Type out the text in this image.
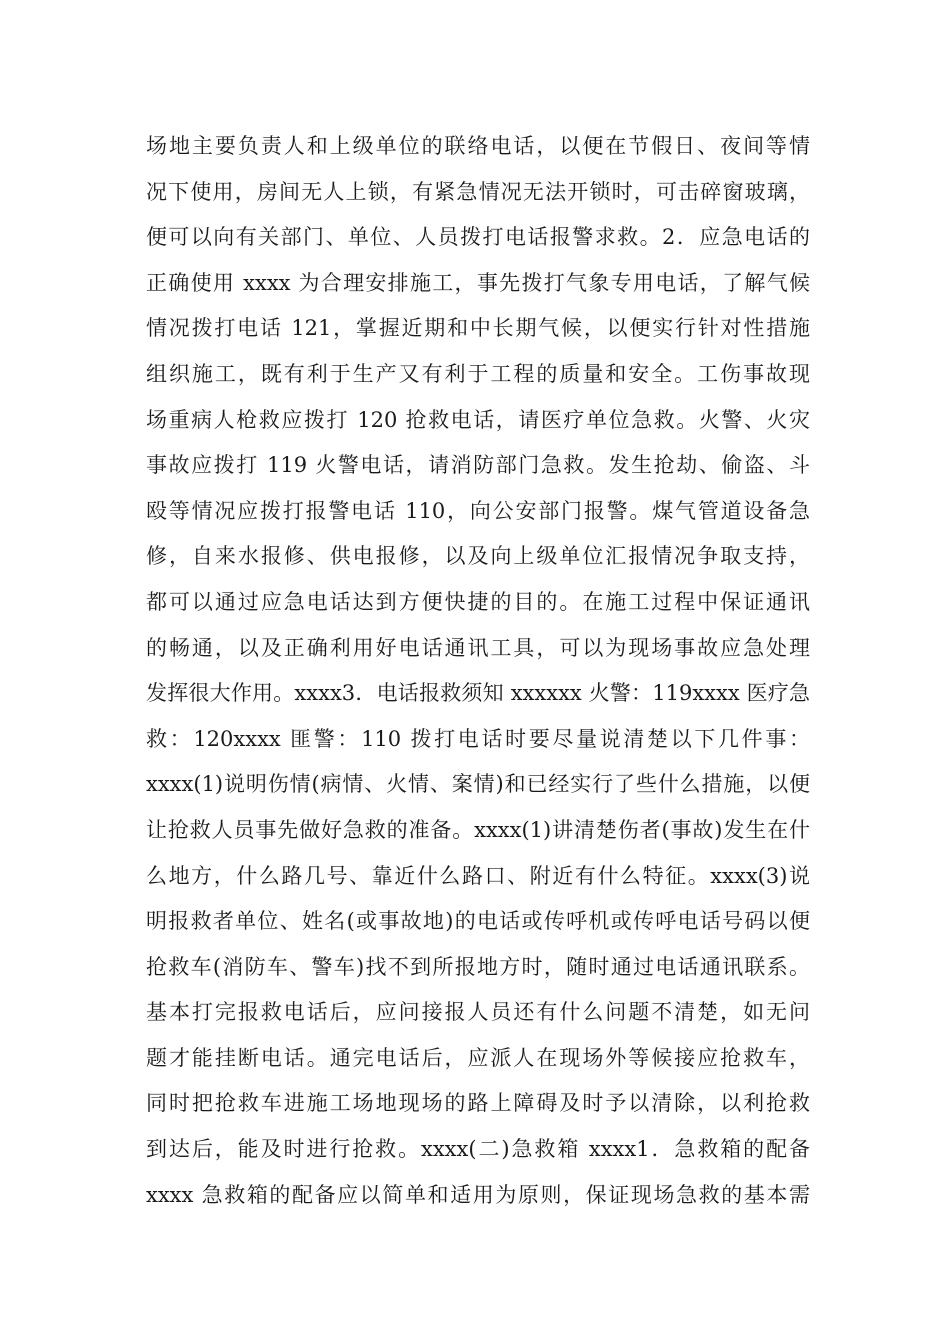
场地主要负责人和上级单位的联络电话，以便在节假日、夜间等情
况下使用，房间无人上锁，有紧急情况无法开锁时，可击碎窗玻璃，
便可以向有关部门、单位、人员拨打电话报警求救。2．应急电话的
正确使用 xxxx 为合理安排施工，事先拨打气象专用电话，了解气候
情况拨打电话 121，掌握近期和中长期气候，以便实行针对性措施
组织施工，既有利于生产又有利于工程的质量和安全。工伤事故现
场重病人枪救应拨打 120 抢救电话，请医疗单位急救。火警、火灾
事故应拨打 119 火警电话，请消防部门急救。发生抢劫、偷盗、斗
殴等情况应拨打报警电话 110，向公安部门报警。煤气管道设备急
修，自来水报修、供电报修，以及向上级单位汇报情况争取支持，
都可以通过应急电话达到方便快捷的目的。在施工过程中保证通讯
的畅通，以及正确利用好电话通讯工具，可以为现场事故应急处理
发挥很大作用。xxxx3．电话报救须知 xxxxxx 火警：119xxxx 医疗急
救：120xxxx 匪警：110 拨打电话时要尽量说清楚以下几件事：
xxxx(1)说明伤情(病情、火情、案情)和已经实行了些什么措施，以便
让抢救人员事先做好急救的准备。xxxx(1)讲清楚伤者(事故)发生在什
么地方，什么路几号、靠近什么路口、附近有什么特征。xxxx(3)说
明报救者单位、姓名(或事故地)的电话或传呼机或传呼电话号码以便
抢救车(消防车、警车)找不到所报地方时，随时通过电话通讯联系。
基本打完报救电话后，应问接报人员还有什么问题不清楚，如无问
题才能挂断电话。通完电话后，应派人在现场外等候接应抢救车，
同时把抢救车进施工场地现场的路上障碍及时予以清除，以利抢救
到达后，能及时进行抢救。xxxx(二)急救箱 xxxx1．急救箱的配备
xxxx 急救箱的配备应以简单和适用为原则，保证现场急救的基本需
